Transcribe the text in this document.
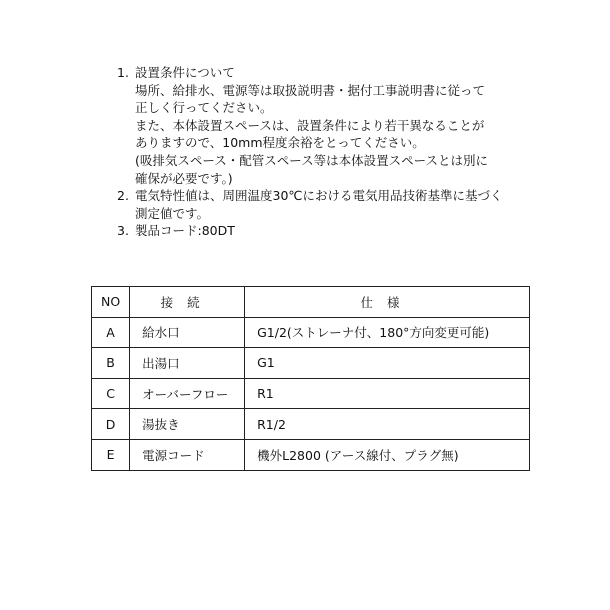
1. 設置条件について
場所、給排水、電源等は取扱説明書・据付工事説明書に従って
正しく行ってください。
また、本体設置スペースは、設置条件により若干異なることが
ありますので、10mm程度余裕をとってください。
(吸排気スペース・配管スペース等は本体設置スペースとは別に
確保が必要です。)
2. 電気特性値は、周囲温度30℃における電気用品技術基準に基づく
測定値です。
3. 製品コード:80DT
NO	接続	仕様
A	給水口	G1/2(ストレーナ付、180°方向変更可能)
B	出湯口	G1
C	オーバーフロー	R1
D	湯抜き	R1/2
E	電源コード	機外L2800 (アース線付、プラグ無)
